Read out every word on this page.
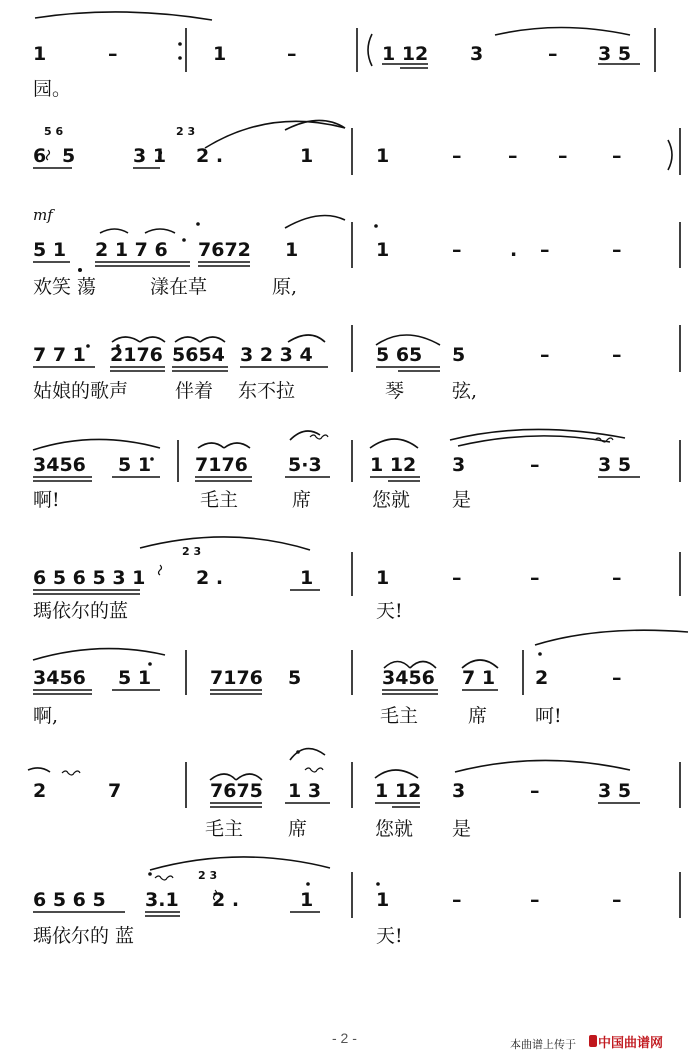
1	–	1	–	1 12 3	– 3 5
园。
5 6	2 3
6 5	3 1 2 .	1	1	– – – –
mf
5 1 2 1 7 6 7672 1	1	–	. –	–
欢笑 蕩	漾在草	原,
7 7 1 2176 5654 3 2 3 4	5 65 5	–	–
姑娘的歌声 伴着 东不拉	琴	弦,
3456 5 1 7176 5·3	1 12 3	–	3 5
啊!	毛主	席	您就 是
2 3
6 5 6 5 3 1	2 .	1	1	–	–	–
瑪依尔的蓝	天!
3456 5 1	7176 5	3456 7 1 2	–
啊,	毛主	席	呵!
2	7	7675 1 3	1 12 3	–	3 5
毛主 席	您就 是
2 3
6 5 6 5 3.1 2 .	1	1	–	–	–
瑪依尔的 蓝	天!
- 2 -	本曲谱上传于 中国曲谱网
